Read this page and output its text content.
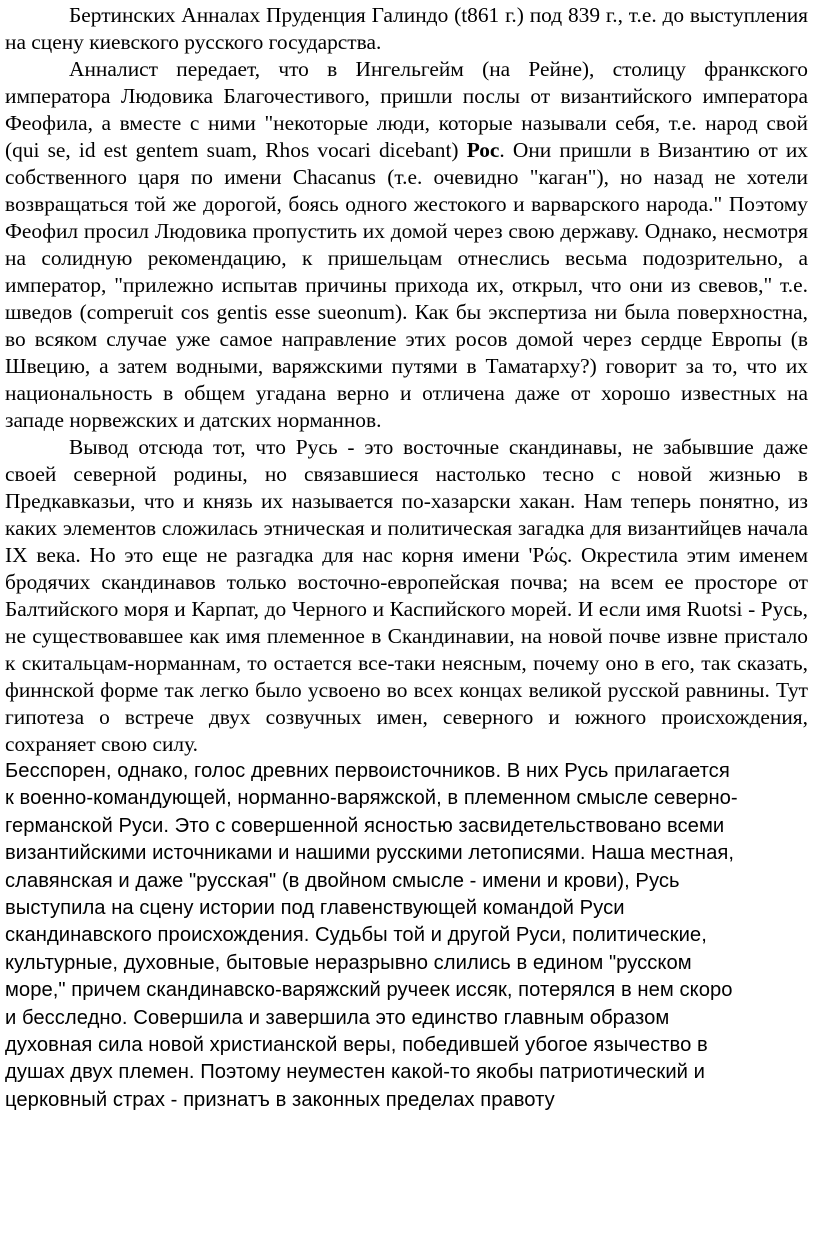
Бертинских Анналах Пруденция Галиндо (t861 г.) под 839 г., т.е. до выступления на сцену киевского русского государства.

Анналист передает, что в Ингельгейм (на Рейне), столицу франкского императора Людовика Благочестивого, пришли послы от византийского императора Феофила, а вместе с ними "некоторые люди, которые называли себя, т.е. народ свой (qui se, id est gentem suam, Rhos vocari dicebant) Рос. Они пришли в Византию от их собственного царя по имени Chacanus (т.е. очевидно "каган"), но назад не хотели возвращаться той же дорогой, боясь одного жестокого и варварского народа." Поэтому Феофил просил Людовика пропустить их домой через свою державу. Однако, несмотря на солидную рекомендацию, к пришельцам отнеслись весьма подозрительно, а император, "прилежно испытав причины прихода их, открыл, что они из свевов," т.е. шведов (comperuit cos gentis esse sueonum). Как бы экспертиза ни была поверхностна, во всяком случае уже самое направление этих росов домой через сердце Европы (в Швецию, а затем водными, варяжскими путями в Таматарху?) говорит за то, что их национальность в общем угадана верно и отличена даже от хорошо известных на западе норвежских и датских норманнов.

Вывод отсюда тот, что Русь - это восточные скандинавы, не забывшие даже своей северной родины, но связавшиеся настолько тесно с новой жизнью в Предкавказьи, что и князь их называется по-хазарски хакан. Нам теперь понятно, из каких элементов сложилась этническая и политическая загадка для византийцев начала IX века. Но это еще не разгадка для нас корня имени 'Ρώς. Окрестила этим именем бродячих скандинавов только восточно-европейская почва; на всем ее просторе от Балтийского моря и Карпат, до Черного и Каспийского морей. И если имя Ruotsi - Русь, не существовавшее как имя племенное в Скандинавии, на новой почве извне пристало к скитальцам-норманнам, то остается все-таки неясным, почему оно в его, так сказать, финнской форме так легко было усвоено во всех концах великой русской равнины. Тут гипотеза о встрече двух созвучных имен, северного и южного происхождения, сохраняет свою силу.

Бесспорен, однако, голос древних первоисточников. В них Русь прилагается

к военно-командующей, норманно-варяжской, в племенном смысле северно-

германской Руси. Это с совершенной ясностью засвидетельствовано всеми

византийскими источниками и нашими русскими летописями. Наша местная,

славянская и даже "русская" (в двойном смысле - имени и крови), Русь

выступила на сцену истории под главенствующей командой Руси

скандинавского происхождения. Судьбы той и другой Руси, политические,

культурные, духовные, бытовые неразрывно слились в едином "русском

море," причем скандинавско-варяжский ручеек иссяк, потерялся в нем скоро

и бесследно. Совершила и завершила это единство главным образом

духовная сила новой христианской веры, победившей убогое язычество в

душах двух племен. Поэтому неуместен какой-то якобы патриотический и

церковный страх - признатъ в законных пределах правоту
